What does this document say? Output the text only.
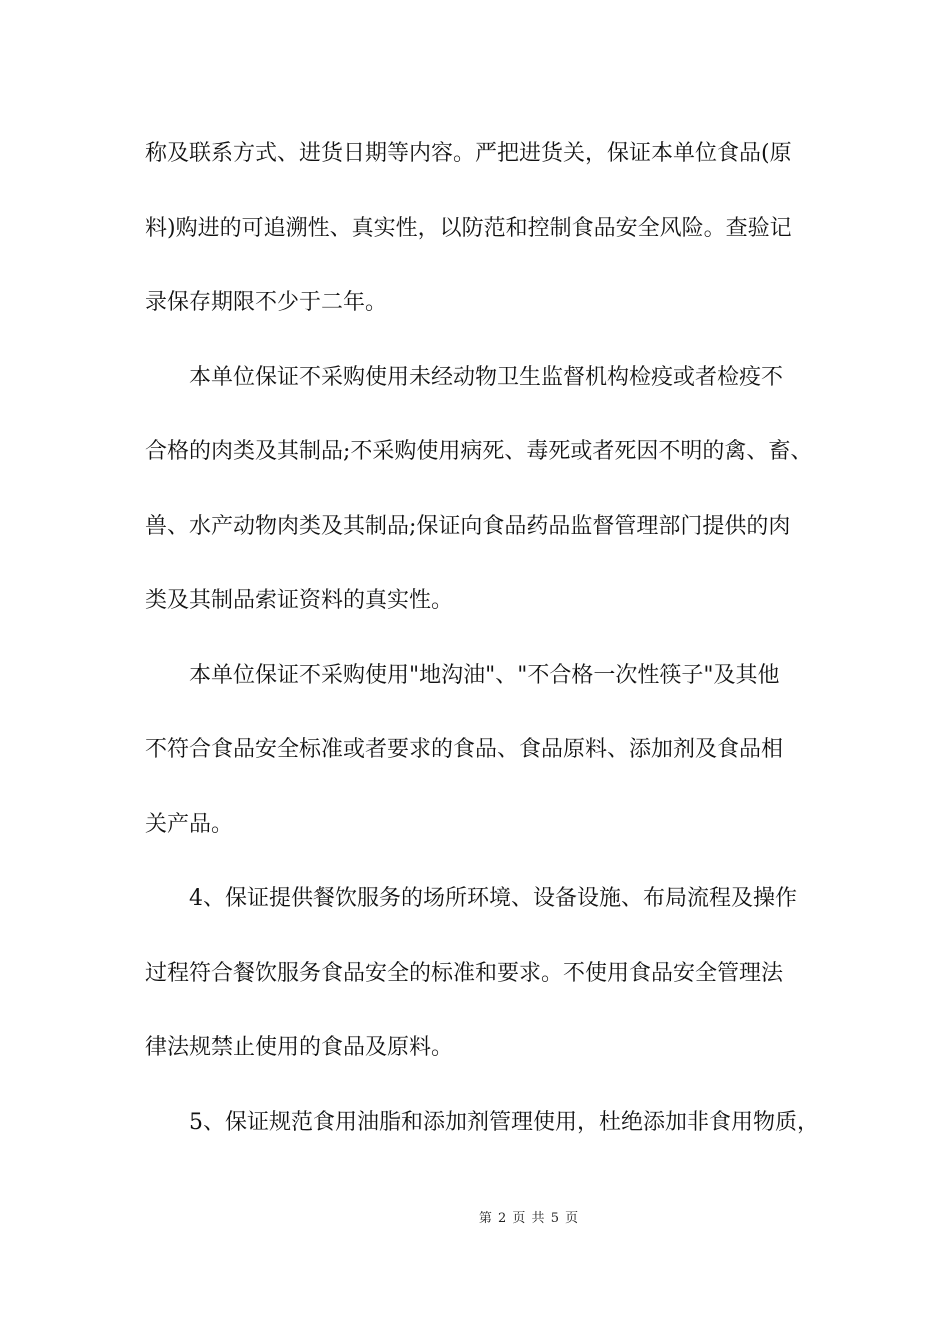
称及联系方式、进货日期等内容。严把进货关，保证本单位食品(原
料)购进的可追溯性、真实性，以防范和控制食品安全风险。查验记
录保存期限不少于二年。
　　本单位保证不采购使用未经动物卫生监督机构检疫或者检疫不
合格的肉类及其制品;不采购使用病死、毒死或者死因不明的禽、畜、
兽、水产动物肉类及其制品;保证向食品药品监督管理部门提供的肉
类及其制品索证资料的真实性。
　　本单位保证不采购使用"地沟油"、"不合格一次性筷子"及其他
不符合食品安全标准或者要求的食品、食品原料、添加剂及食品相
关产品。
　　4、保证提供餐饮服务的场所环境、设备设施、布局流程及操作
过程符合餐饮服务食品安全的标准和要求。不使用食品安全管理法
律法规禁止使用的食品及原料。
　　5、保证规范食用油脂和添加剂管理使用，杜绝添加非食用物质，
第 2 页 共 5 页
